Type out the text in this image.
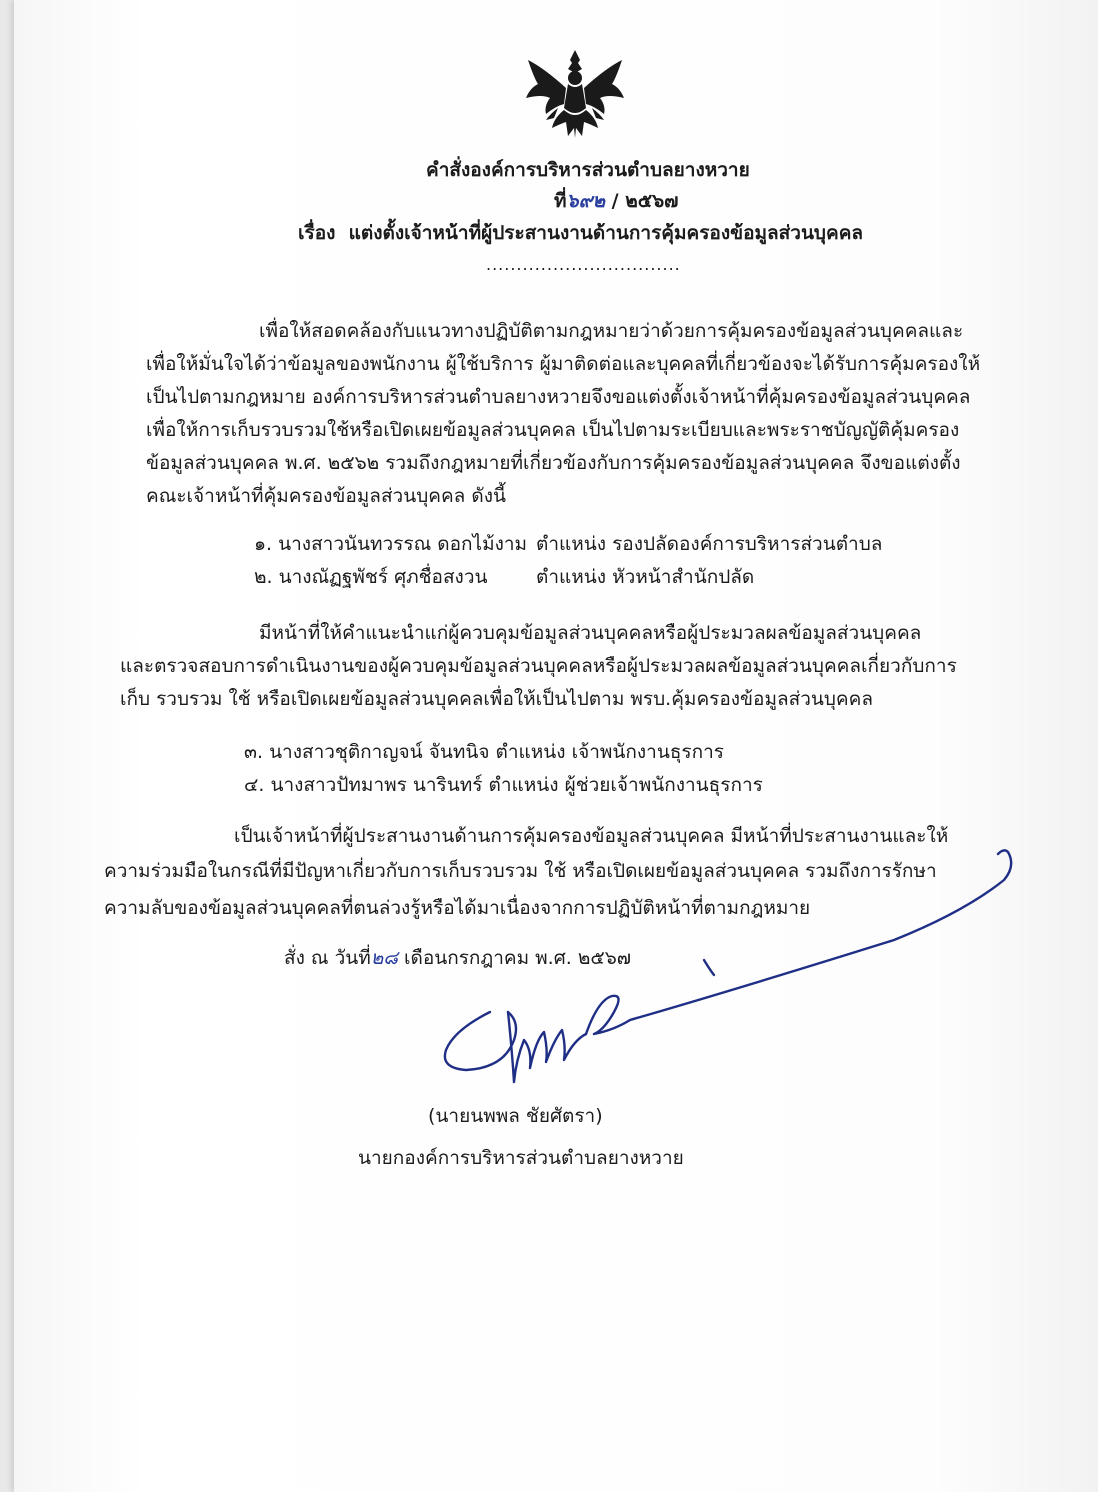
คำสั่งองค์การบริหารส่วนตำบลยางหวาย
ที่๖๙๒ / ๒๕๖๗
เรื่อง แต่งตั้งเจ้าหน้าที่ผู้ประสานงานด้านการคุ้มครองข้อมูลส่วนบุคคล
................................
เพื่อให้สอดคล้องกับแนวทางปฏิบัติตามกฎหมายว่าด้วยการคุ้มครองข้อมูลส่วนบุคคลและ
เพื่อให้มั่นใจได้ว่าข้อมูลของพนักงาน ผู้ใช้บริการ ผู้มาติดต่อและบุคคลที่เกี่ยวข้องจะได้รับการคุ้มครองให้
เป็นไปตามกฎหมาย องค์การบริหารส่วนตำบลยางหวายจึงขอแต่งตั้งเจ้าหน้าที่คุ้มครองข้อมูลส่วนบุคคล
เพื่อให้การเก็บรวบรวมใช้หรือเปิดเผยข้อมูลส่วนบุคคล เป็นไปตามระเบียบและพระราชบัญญัติคุ้มครอง
ข้อมูลส่วนบุคคล พ.ศ. ๒๕๖๒ รวมถึงกฎหมายที่เกี่ยวข้องกับการคุ้มครองข้อมูลส่วนบุคคล จึงขอแต่งตั้ง
คณะเจ้าหน้าที่คุ้มครองข้อมูลส่วนบุคคล ดังนี้
๑. นางสาวนันทวรรณ ดอกไม้งาม ตำแหน่ง รองปลัดองค์การบริหารส่วนตำบล
๒. นางณัฏฐพัชร์ ศุภชื่อสงวน	ตำแหน่ง หัวหน้าสำนักปลัด
มีหน้าที่ให้คำแนะนำแก่ผู้ควบคุมข้อมูลส่วนบุคคลหรือผู้ประมวลผลข้อมูลส่วนบุคคล
และตรวจสอบการดำเนินงานของผู้ควบคุมข้อมูลส่วนบุคคลหรือผู้ประมวลผลข้อมูลส่วนบุคคลเกี่ยวกับการ
เก็บ รวบรวม ใช้ หรือเปิดเผยข้อมูลส่วนบุคคลเพื่อให้เป็นไปตาม พรบ.คุ้มครองข้อมูลส่วนบุคคล
๓. นางสาวชุติกาญจน์ จันทนิจ ตำแหน่ง เจ้าพนักงานธุรการ
๔. นางสาวปัทมาพร นารินทร์ ตำแหน่ง ผู้ช่วยเจ้าพนักงานธุรการ
เป็นเจ้าหน้าที่ผู้ประสานงานด้านการคุ้มครองข้อมูลส่วนบุคคล มีหน้าที่ประสานงานและให้
ความร่วมมือในกรณีที่มีปัญหาเกี่ยวกับการเก็บรวบรวม ใช้ หรือเปิดเผยข้อมูลส่วนบุคคล รวมถึงการรักษา
ความลับของข้อมูลส่วนบุคคลที่ตนล่วงรู้หรือได้มาเนื่องจากการปฏิบัติหน้าที่ตามกฎหมาย
สั่ง ณ วันที่๒๘ เดือนกรกฎาคม พ.ศ. ๒๕๖๗
(นายนพพล ชัยศัตรา)
นายกองค์การบริหารส่วนตำบลยางหวาย
